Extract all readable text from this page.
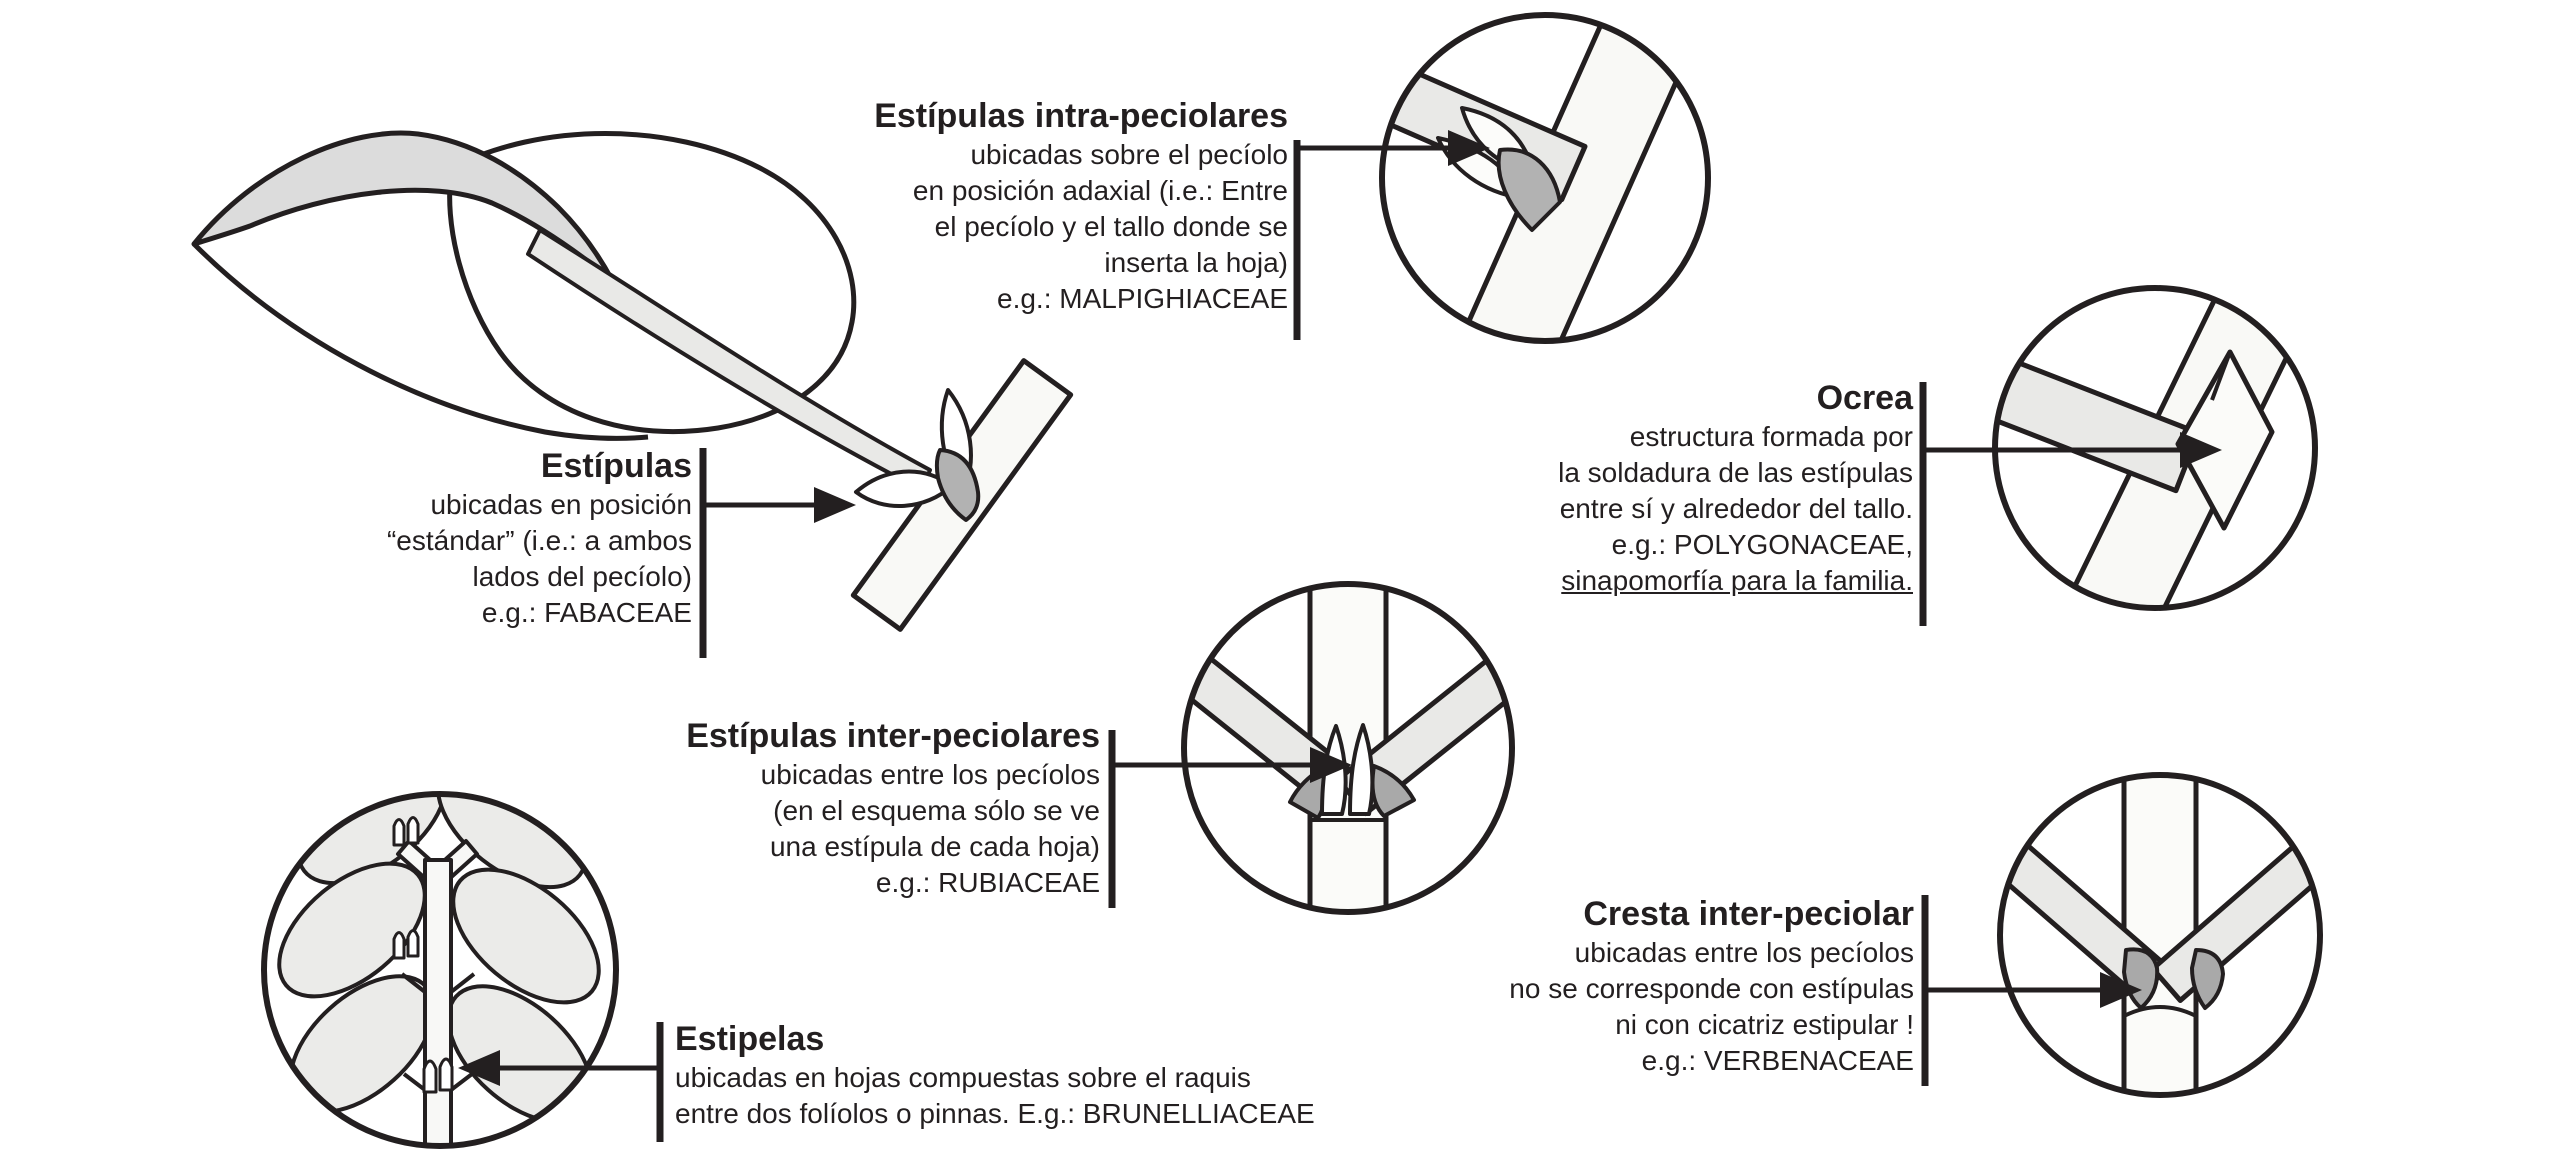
Estípulas intra-peciolares
ubicadas sobre el pecíolo
en posición adaxial (i.e.: Entre
el pecíolo y el tallo donde se
inserta la hoja)
e.g.: MALPIGHIACEAE
Estípulas
ubicadas en posición
“estándar” (i.e.: a ambos
lados del pecíolo)
e.g.: FABACEAE
Ocrea
estructura formada por
la soldadura de las estípulas
entre sí y alrededor del tallo.
e.g.: POLYGONACEAE,
sinapomorfía para la familia.
Estípulas inter-peciolares
ubicadas entre los pecíolos
(en el esquema sólo se ve
una estípula de cada hoja)
e.g.: RUBIACEAE
Cresta inter-peciolar
ubicadas entre los pecíolos
no se corresponde con estípulas
ni con cicatriz estipular !
e.g.: VERBENACEAE
Estipelas
ubicadas en hojas compuestas sobre el raquis
entre dos folíolos o pinnas. E.g.: BRUNELLIACEAE
